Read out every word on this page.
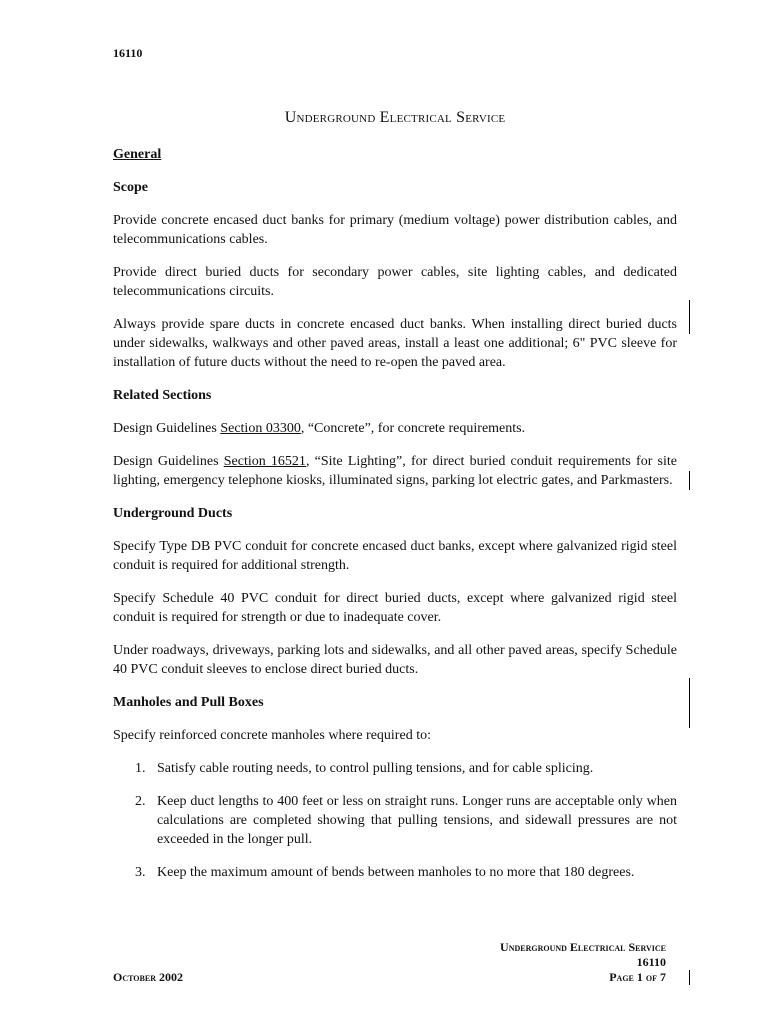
16110
Underground Electrical Service
General
Scope
Provide concrete encased duct banks for primary (medium voltage) power distribution cables, and telecommunications cables.
Provide direct buried ducts for secondary power cables, site lighting cables, and dedicated telecommunications circuits.
Always provide spare ducts in concrete encased duct banks. When installing direct buried ducts under sidewalks, walkways and other paved areas, install a least one additional; 6" PVC sleeve for installation of future ducts without the need to re-open the paved area.
Related Sections
Design Guidelines Section 03300, “Concrete”, for concrete requirements.
Design Guidelines Section 16521, “Site Lighting”, for direct buried conduit requirements for site lighting, emergency telephone kiosks, illuminated signs, parking lot electric gates, and Parkmasters.
Underground Ducts
Specify Type DB PVC conduit for concrete encased duct banks, except where galvanized rigid steel conduit is required for additional strength.
Specify Schedule 40 PVC conduit for direct buried ducts, except where galvanized rigid steel conduit is required for strength or due to inadequate cover.
Under roadways, driveways, parking lots and sidewalks, and all other paved areas, specify Schedule 40 PVC conduit sleeves to enclose direct buried ducts.
Manholes and Pull Boxes
Specify reinforced concrete manholes where required to:
1. Satisfy cable routing needs, to control pulling tensions, and for cable splicing.
2. Keep duct lengths to 400 feet or less on straight runs. Longer runs are acceptable only when calculations are completed showing that pulling tensions, and sidewall pressures are not exceeded in the longer pull.
3. Keep the maximum amount of bends between manholes to no more that 180 degrees.
Underground Electrical Service
16110
Page 1 of 7
October 2002
